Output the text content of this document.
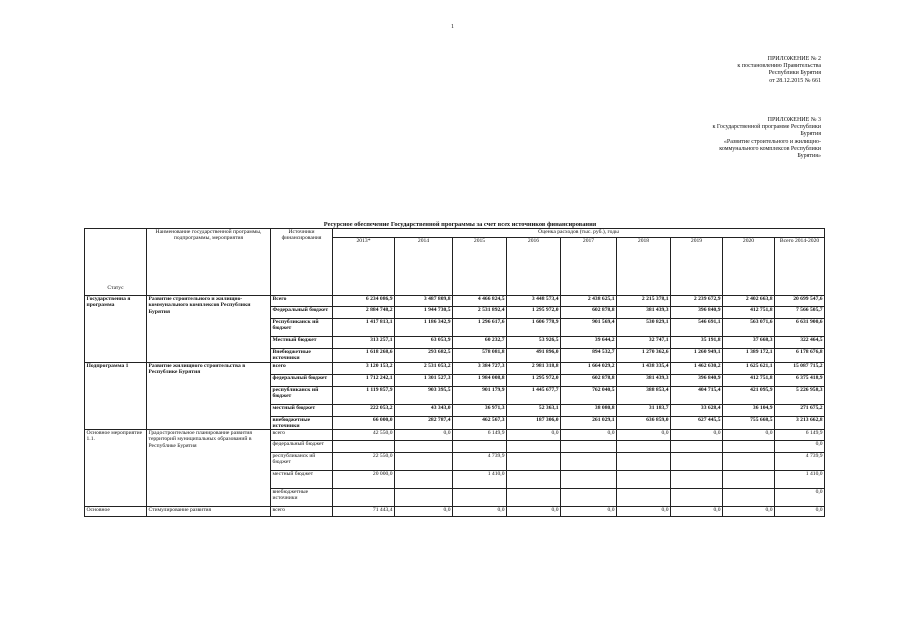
1
ПРИЛОЖЕНИЕ № 2
к постановлению Правительства
Республики Бурятия
от 28.12.2015 № 661
ПРИЛОЖЕНИЕ № 3
к Государственной программе Республики
Бурятия
«Развитие строительного и жилищно-
коммунального комплексов Республики
Бурятия»
Ресурсное обеспечение Государственной программы за счет всех источников финансирования
Статус	Наименование государственной программы, подпрограммы, мероприятия	Источники финансирования	Оценка расходов (тыс. руб.), годы								
			2013*	2014	2015	2016	2017	2018	2019	2020	Всего 2014-2020
Государственна я программа	Развитие строительного и жилищно-коммунального комплексов Республики Бурятия	Всего	6 234 086,9	3 487 809,8	4 466 824,5	3 448 573,4	2 438 625,1	2 215 378,1	2 239 672,9	2 402 663,8	20 699 547,6
		Федеральный бюджет	2 884 748,2	1 944 730,5	2 531 892,4	1 295 972,0	602 878,8	381 439,3	396 840,9	412 751,8	7 566 505,7
		Республиканск ий бюджет	1 417 813,1	1 186 342,9	1 296 617,6	1 606 778,9	901 569,4	530 829,1	546 691,1	563 071,6	6 631 900,6
		Местный бюджет	313 257,1	63 053,9	60 232,7	53 926,5	39 644,2	32 747,1	35 191,8	37 668,3	322 464,5
		Внебюджетные источники	1 618 268,6	293 682,5	578 081,8	491 896,0	894 532,7	1 270 362,6	1 260 949,1	1 389 172,1	6 178 676,8
Подпрограмма 1	Развитие жилищного строительства в Республике Бурятия	всего	3 120 153,2	2 531 053,2	3 384 727,3	2 981 318,8	1 664 029,2	1 438 335,4	1 462 630,2	1 625 621,1	15 087 715,2
		федеральный бюджет	1 712 242,1	1 301 527,3	1 984 008,8	1 295 972,0	602 878,8	381 439,3	396 840,9	412 751,8	6 375 418,9
		республиканск ий бюджет	1 119 857,9	903 395,5	901 179,9	1 445 677,7	762 040,5	388 853,4	404 715,4	421 095,9	5 226 958,3
		местный бюджет	222 053,2	43 343,0	36 971,3	52 363,1	38 080,8	31 183,7	33 628,4	36 104,9	271 675,2
		внебюджетные источники	66 000,0	282 787,4	462 567,3	187 306,0	261 029,1	636 859,0	627 445,5	755 668,5	3 213 662,8
Основное мероприятие 1.1.	Градостроительное планирование развития территорий муниципальных образований в Республике Бурятия	всего	42 550,0	0,0	6 149,9	0,0	0,0	0,0	0,0	0,0	6 149,9
		федеральный бюджет									0,0
		республиканск ий бюджет	22 550,0		4 739,9						4 739,9
		местный бюджет	20 000,0		1 410,0						1 410,0
		внебюджетные источники									0,0
Основное	Стимулирование развития	всего	71 443,4	0,0	0,0	0,0	0,0	0,0	0,0	0,0	0,0
